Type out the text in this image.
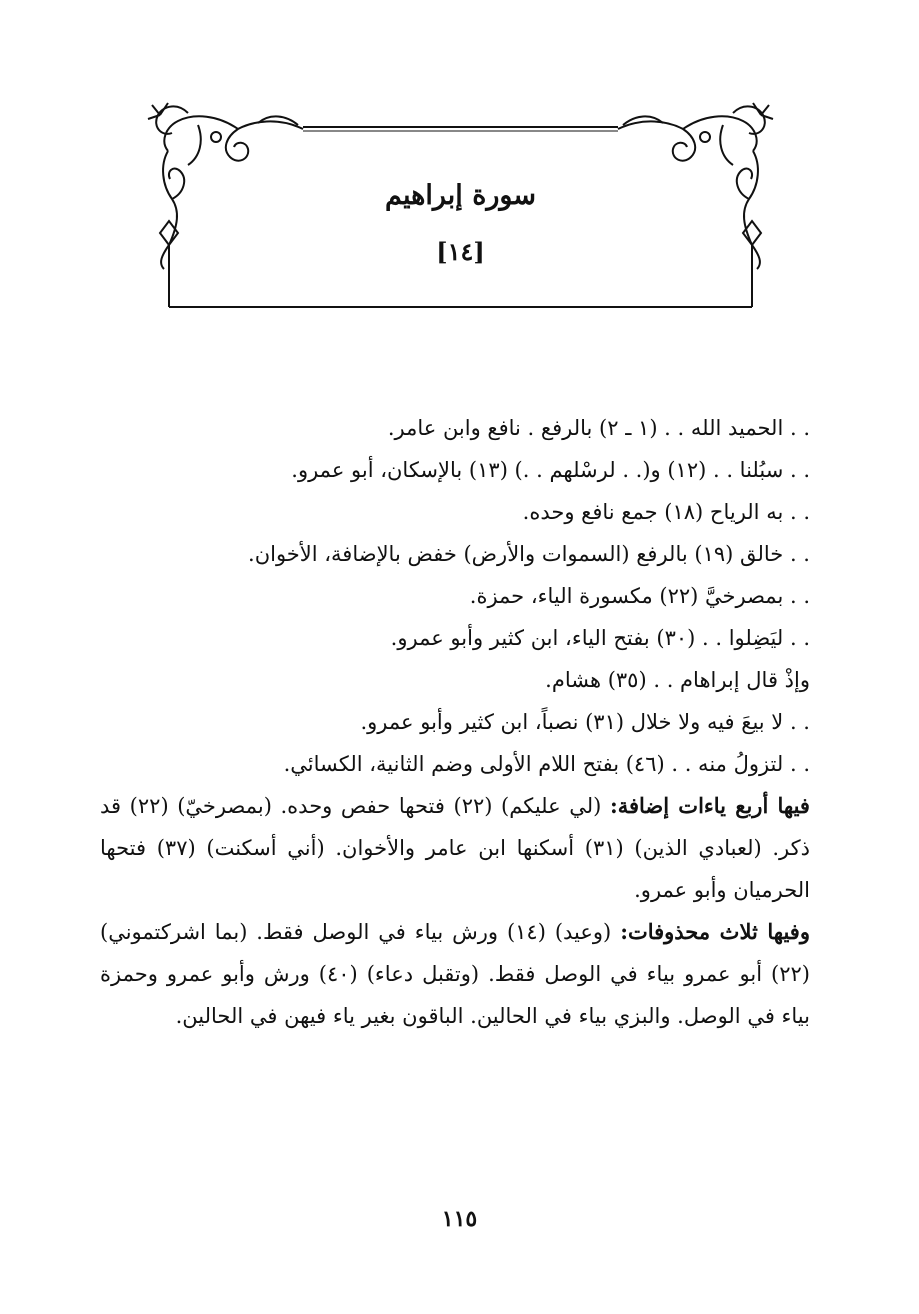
سورة إبراهيم
[١٤]
. . الحميد الله . . (١ ـ ٢) بالرفع . نافع وابن عامر.
. . سبُلنا . . (١٢) و(. . لرسْلهم . .) (١٣) بالإسكان، أبو عمرو.
. . به الرياح (١٨) جمع نافع وحده.
. . خالق (١٩) بالرفع (السموات والأرض) خفض بالإضافة، الأخوان.
. . بمصرخيَّ (٢٢) مكسورة الياء، حمزة.
. . ليَضِلوا . . (٣٠) بفتح الياء، ابن كثير وأبو عمرو.
وإذْ قال إبراهام . . (٣٥) هشام.
. . لا بيعَ فيه ولا خلال (٣١) نصباً، ابن كثير وأبو عمرو.
. . لتزولُ منه . . (٤٦) بفتح اللام الأولى وضم الثانية، الكسائي.
فيها أربع ياءات إضافة: (لي عليكم) (٢٢) فتحها حفص وحده. (بمصرخيّ) (٢٢) قد ذكر. (لعبادي الذين) (٣١) أسكنها ابن عامر والأخوان. (أني أسكنت) (٣٧) فتحها الحرميان وأبو عمرو.
وفيها ثلاث محذوفات: (وعيد) (١٤) ورش بياء في الوصل فقط. (بما اشركتموني) (٢٢) أبو عمرو بياء في الوصل فقط. (وتقبل دعاء) (٤٠) ورش وأبو عمرو وحمزة بياء في الوصل. والبزي بياء في الحالين. الباقون بغير ياء فيهن في الحالين.
١١٥
